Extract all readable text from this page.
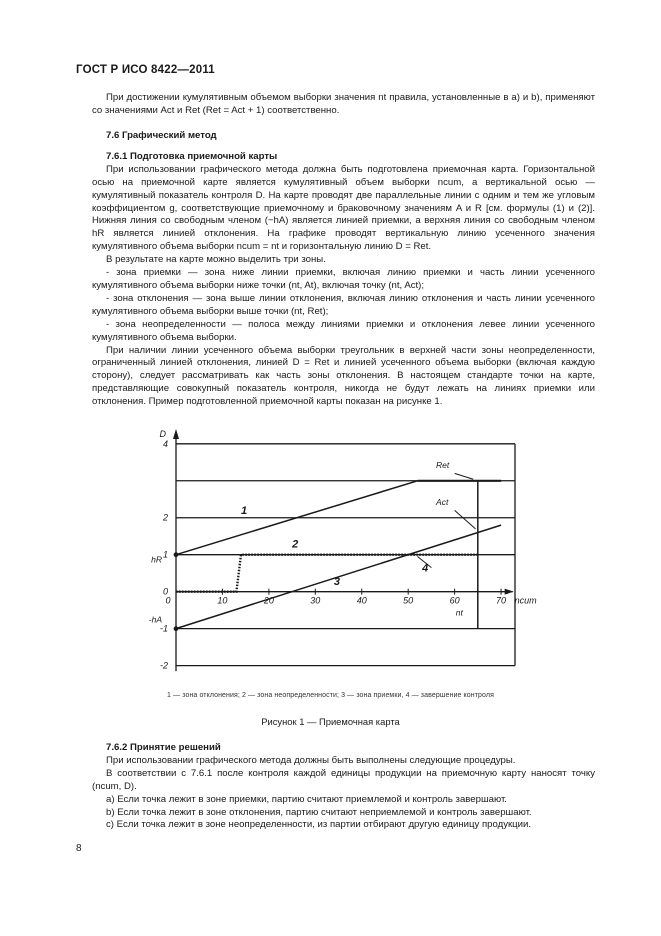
ГОСТ Р ИСО 8422—2011

При достижении кумулятивным объемом выборки значения nt правила, установленные в а) и b), применяют со значениями Act и Ret (Ret = Act + 1) соответственно.

7.6 Графический метод

7.6.1 Подготовка приемочной карты

При использовании графического метода должна быть подготовлена приемочная карта. Горизонтальной осью на приемочной карте является кумулятивный объем выборки ncum, а вертикальной осью — кумулятивный показатель контроля D. На карте проводят две параллельные линии с одним и тем же угловым коэффициентом g, соответствующие приемочному и браковочному значениям A и R [см. формулы (1) и (2)]. Нижняя линия со свободным членом (−hA) является линией приемки, а верхняя линия со свободным членом hR является линией отклонения. На графике проводят вертикальную линию усеченного значения кумулятивного объема выборки ncum = nt и горизонтальную линию D = Ret.

В результате на карте можно выделить три зоны.

- зона приемки — зона ниже линии приемки, включая линию приемки и часть линии усеченного кумулятивного объема выборки ниже точки (nt, At), включая точку (nt, Act);

- зона отклонения — зона выше линии отклонения, включая линию отклонения и часть линии усеченного кумулятивного объема выборки выше точки (nt, Ret);

- зона неопределенности — полоса между линиями приемки и отклонения левее линии усеченного кумулятивного объема выборки.

При наличии линии усеченного объема выборки треугольник в верхней части зоны неопределенности, ограниченный линией отклонения, линией D = Ret и линией усеченного объема выборки (включая каждую сторону), следует рассматривать как часть зоны отклонения. В настоящем стандарте точки на карте, представляющие совокупный показатель контроля, никогда не будут лежать на линиях приемки или отклонения. Пример подготовленной приемочной карты показан на рисунке 1.

0	10	20	30	40	50	60	70
4
2
1
0
-1
-2
D
ncum
Ret
Act
hR
-hA
nt
1
2
3
4
1 — зона отклонения; 2 — зона неопределенности; 3 — зона приемки, 4 — завершение контроля
Рисунок 1 — Приемочная карта

7.6.2 Принятие решений

При использовании графического метода должны быть выполнены следующие процедуры.

В соответствии с 7.6.1 после контроля каждой единицы продукции на приемочную карту наносят точку (ncum, D).

a) Если точка лежит в зоне приемки, партию считают приемлемой и контроль завершают.

b) Если точка лежит в зоне отклонения, партию считают неприемлемой и контроль завершают.

c) Если точка лежит в зоне неопределенности, из партии отбирают другую единицу продукции.

8
